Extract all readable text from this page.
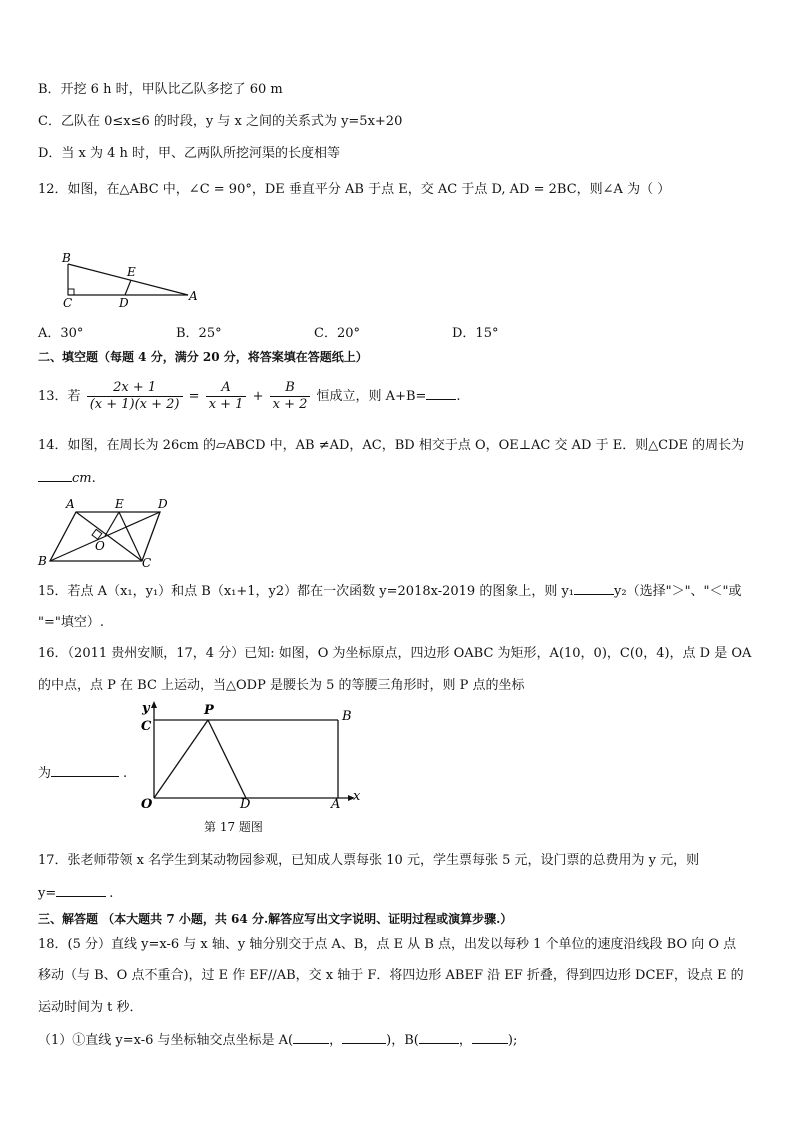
B．开挖 6 h 时，甲队比乙队多挖了 60 m
C．乙队在 0≤x≤6 的时段，y 与 x 之间的关系式为 y=5x+20
D．当 x 为 4 h 时，甲、乙两队所挖河渠的长度相等
12．如图，在△ABC 中，∠C = 90°，DE 垂直平分 AB 于点 E，交 AC 于点 D, AD = 2BC，则∠A 为（ ）
B
E
C	D	A
A．30°	B．25°	C．20°	D．15°
二、填空题（每题 4 分，满分 20 分，将答案填在答题纸上）
13．若 $\frac{2x + 1}{(x + 1)(x + 2)} = \frac{A}{x + 1} + \frac{B}{x + 2}$ 恒成立，则 A+B= .
14．如图，在周长为 26cm 的▱ABCD 中，AB ≠AD，AC，BD 相交于点 O，OE⊥AC 交 AD 于 E．则△CDE 的周长为
cm.
A	E	D
O
B	C
15．若点 A（x₁，y₁）和点 B（x₁+1，y2）都在一次函数 y=2018x-2019 的图象上，则 y₁	y₂（选择"＞"、"＜"或
"="填空）.
16．（2011 贵州安顺，17，4 分）已知: 如图，O 为坐标原点，四边形 OABC 为矩形，A(10，0)，C(0，4)，点 D 是 OA
的中点，点 P 在 BC 上运动，当△ODP 是腰长为 5 的等腰三角形时，则 P 点的坐标
为	.
y
C
P	B
O	D	A
x
第 17 题图
17．张老师带领 x 名学生到某动物园参观，已知成人票每张 10 元，学生票每张 5 元，设门票的总费用为 y 元，则
y=	.
三、解答题 （本大题共 7 小题，共 64 分.解答应写出文字说明、证明过程或演算步骤.）
18．(5 分）直线 y=x-6 与 x 轴、y 轴分别交于点 A、B，点 E 从 B 点，出发以每秒 1 个单位的速度沿线段 BO 向 O 点
移动（与 B、O 点不重合)，过 E 作 EF//AB，交 x 轴于 F．将四边形 ABEF 沿 EF 折叠，得到四边形 DCEF，设点 E 的
运动时间为 t 秒．
（1）①直线 y=x-6 与坐标轴交点坐标是 A(	，	)，B(	，	);
